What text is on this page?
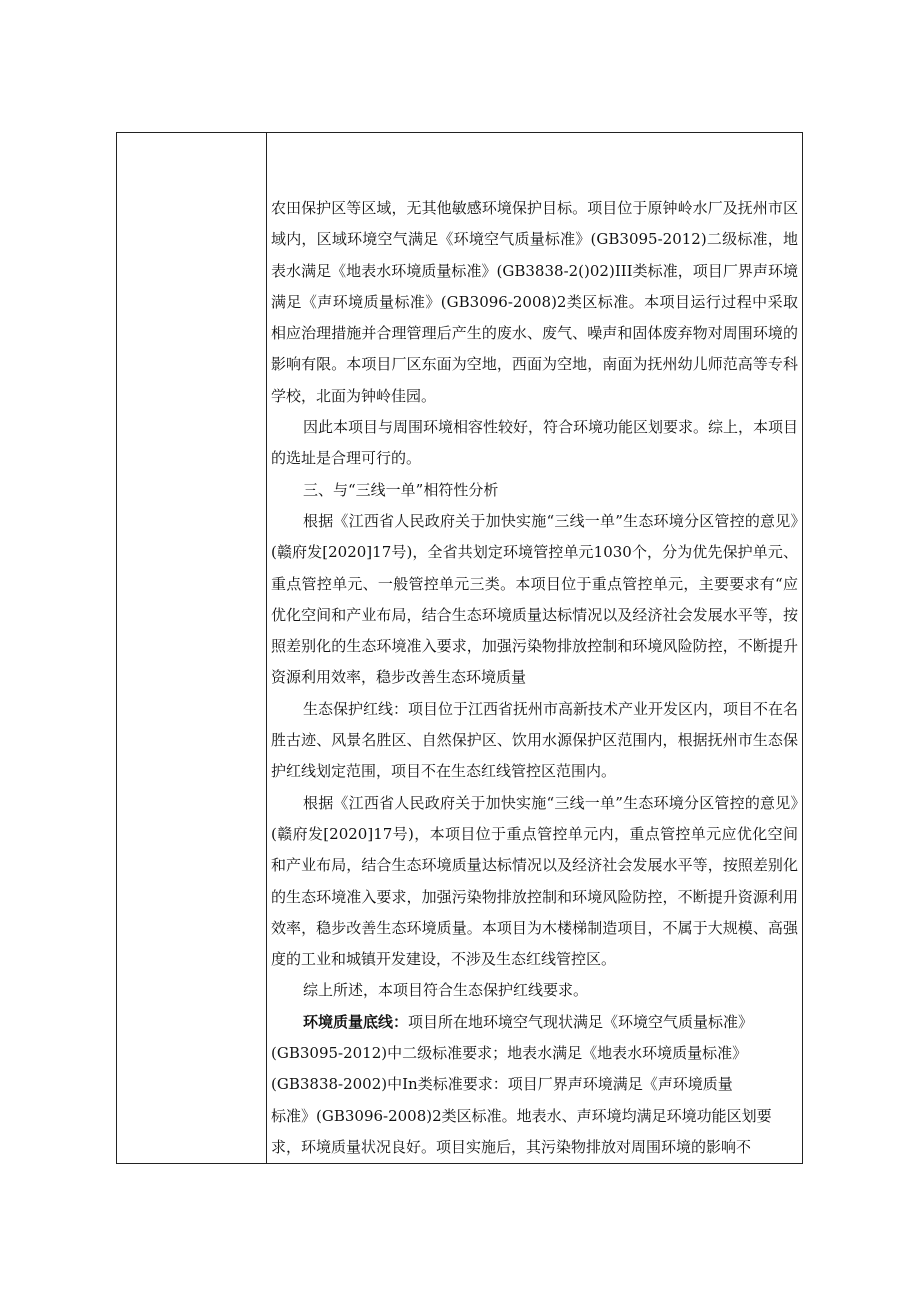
农田保护区等区域，无其他敏感环境保护目标。项目位于原钟岭水厂及抚州市区域内，区域环境空气满足《环境空气质量标准》(GB3095-2012)二级标准，地表水满足《地表水环境质量标准》(GB3838-2()02)III类标准，项目厂界声环境满足《声环境质量标准》(GB3096-2008)2类区标准。本项目运行过程中采取相应治理措施并合理管理后产生的废水、废气、噪声和固体废弃物对周围环境的影响有限。本项目厂区东面为空地，西面为空地，南面为抚州幼儿师范高等专科学校，北面为钟岭佳园。

因此本项目与周围环境相容性较好，符合环境功能区划要求。综上，本项目的选址是合理可行的。

三、与“三线一单”相符性分析

根据《江西省人民政府关于加快实施“三线一单”生态环境分区管控的意见》(赣府发[2020]17号)，全省共划定环境管控单元1030个，分为优先保护单元、重点管控单元、一般管控单元三类。本项目位于重点管控单元，主要要求有“应优化空间和产业布局，结合生态环境质量达标情况以及经济社会发展水平等，按照差别化的生态环境准入要求，加强污染物排放控制和环境风险防控，不断提升资源利用效率，稳步改善生态环境质量

生态保护红线：项目位于江西省抚州市高新技术产业开发区内，项目不在名胜古迹、风景名胜区、自然保护区、饮用水源保护区范围内，根据抚州市生态保护红线划定范围，项目不在生态红线管控区范围内。

根据《江西省人民政府关于加快实施“三线一单”生态环境分区管控的意见》(赣府发[2020]17号)，本项目位于重点管控单元内，重点管控单元应优化空间和产业布局，结合生态环境质量达标情况以及经济社会发展水平等，按照差别化的生态环境准入要求，加强污染物排放控制和环境风险防控，不断提升资源利用效率，稳步改善生态环境质量。本项目为木楼梯制造项目，不属于大规模、高强度的工业和城镇开发建设，不涉及生态红线管控区。

综上所述，本项目符合生态保护红线要求。

环境质量底线：项目所在地环境空气现状满足《环境空气质量标准》

(GB3095-2012)中二级标准要求；地表水满足《地表水环境质量标准》

(GB3838-2002)中In类标准要求：项目厂界声环境满足《声环境质量

标准》(GB3096-2008)2类区标准。地表水、声环境均满足环境功能区划要

求，环境质量状况良好。项目实施后，其污染物排放对周围环境的影响不
